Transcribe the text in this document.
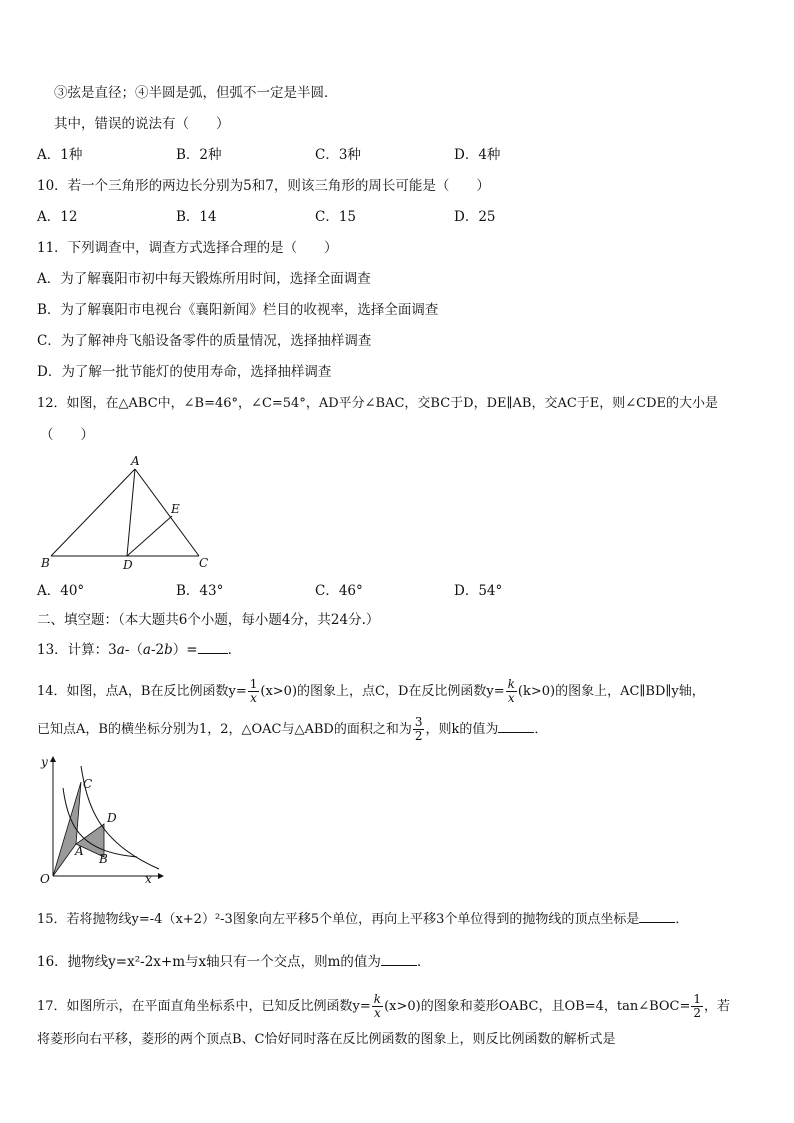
③弦是直径；④半圆是弧，但弧不一定是半圆．
其中，错误的说法有（　　）
A．1种	B．2种	C．3种	D．4种
10．若一个三角形的两边长分别为5和7，则该三角形的周长可能是（　　）
A．12	B．14	C．15	D．25
11．下列调查中，调查方式选择合理的是（　　）
A．为了解襄阳市初中每天锻炼所用时间，选择全面调查
B．为了解襄阳市电视台《襄阳新闻》栏目的收视率，选择全面调查
C．为了解神舟飞船设备零件的质量情况，选择抽样调查
D．为了解一批节能灯的使用寿命，选择抽样调查
12．如图，在△ABC中，∠B=46°，∠C=54°，AD平分∠BAC，交BC于D，DE∥AB，交AC于E，则∠CDE的大小是
（　　）
A
E
B	D	C
A．40°	B．43°	C．46°	D．54°
二、填空题：（本大题共6个小题，每小题4分，共24分.）
13．计算：3a-（a-2b）= ．
14．如图，点A，B在反比例函数$y= \frac{1}{x} (x>0)$的图象上，点C，D在反比例函数$y= \frac{k}{x} (k>0)$的图象上，AC∥BD∥y轴，
已知点A，B的横坐标分别为1，2，△OAC与△ABD的面积之和为 $\frac{3}{2}$ ，则k的值为	．
y
C
D
A
B
O	x
15．若将抛物线y=-4（x+2）²-3图象向左平移5个单位，再向上平移3个单位得到的抛物线的顶点坐标是	．
16．抛物线y=x²-2x+m与x轴只有一个交点，则m的值为	．
17．如图所示，在平面直角坐标系中，已知反比例函数$y= \frac{k}{x} (x>0)$的图象和菱形OABC，且OB=4，tan∠BOC= $\frac{1}{2}$ ，若
将菱形向右平移，菱形的两个顶点B、C恰好同时落在反比例函数的图象上，则反比例函数的解析式是
